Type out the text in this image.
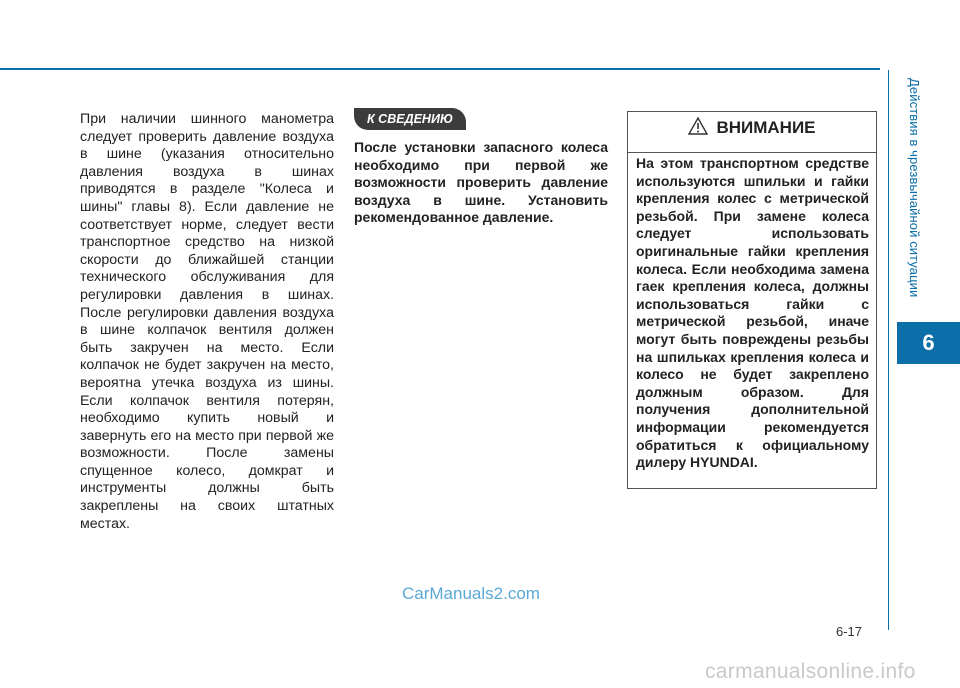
Действия в чрезвычайной ситуации
6
При наличии шинного манометра следует проверить давление воздуха в шине (указания относительно давления воздуха в шинах приводятся в разделе "Колеса и шины" главы 8). Если давление не соответствует норме, следует вести транспортное средство на низкой скорости до ближайшей станции технического обслуживания для регулировки давления в шинах. После регулировки давления воздуха в шине колпачок вентиля должен быть закручен на место. Если колпачок не будет закручен на место, вероятна утечка воздуха из шины. Если колпачок вентиля потерян, необходимо купить новый и завернуть его на место при первой же возможности. После замены спущенное колесо, домкрат и инструменты должны быть закреплены на своих штатных местах.
К СВЕДЕНИЮ
После установки запасного колеса необходимо при первой же возможности проверить давление воздуха в шине. Установить рекомендованное давление.
ВНИМАНИЕ
На этом транспортном средстве используются шпильки и гайки крепления колес с метрической резьбой. При замене колеса следует использовать оригинальные гайки крепления колеса. Если необходима замена гаек крепления колеса, должны использоваться гайки с метрической резьбой, иначе могут быть повреждены резьбы на шпильках крепления колеса и колесо не будет закреплено должным образом. Для получения дополнительной информации рекомендуется обратиться к официальному дилеру HYUNDAI.
CarManuals2.com
6-17
carmanualsonline.info
